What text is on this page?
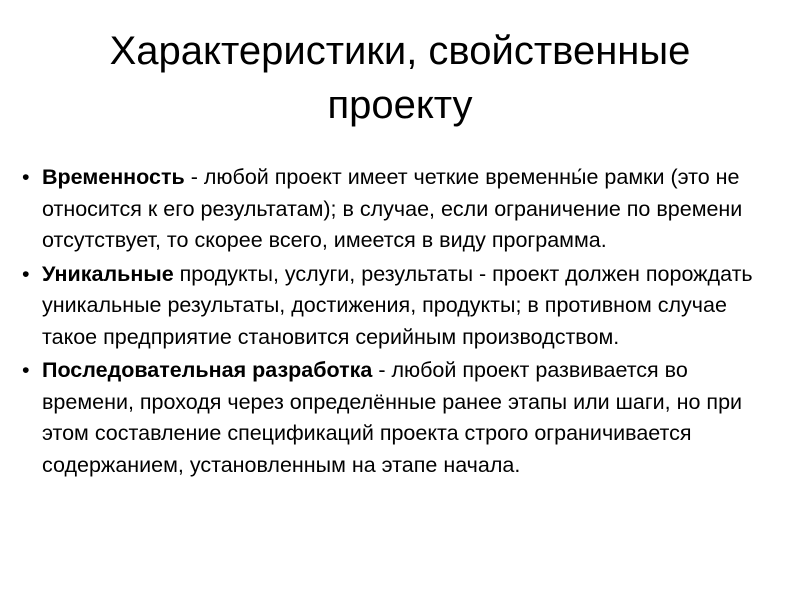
Характеристики, свойственные проекту
• Временность - любой проект имеет четкие временны́е рамки (это не относится к его результатам); в случае, если ограничение по времени отсутствует, то скорее всего, имеется в виду программа.
• Уникальные продукты, услуги, результаты - проект должен порождать уникальные результаты, достижения, продукты; в противном случае такое предприятие становится серийным производством.
• Последовательная разработка - любой проект развивается во времени, проходя через определённые ранее этапы или шаги, но при этом составление спецификаций проекта строго ограничивается содержанием, установленным на этапе начала.
